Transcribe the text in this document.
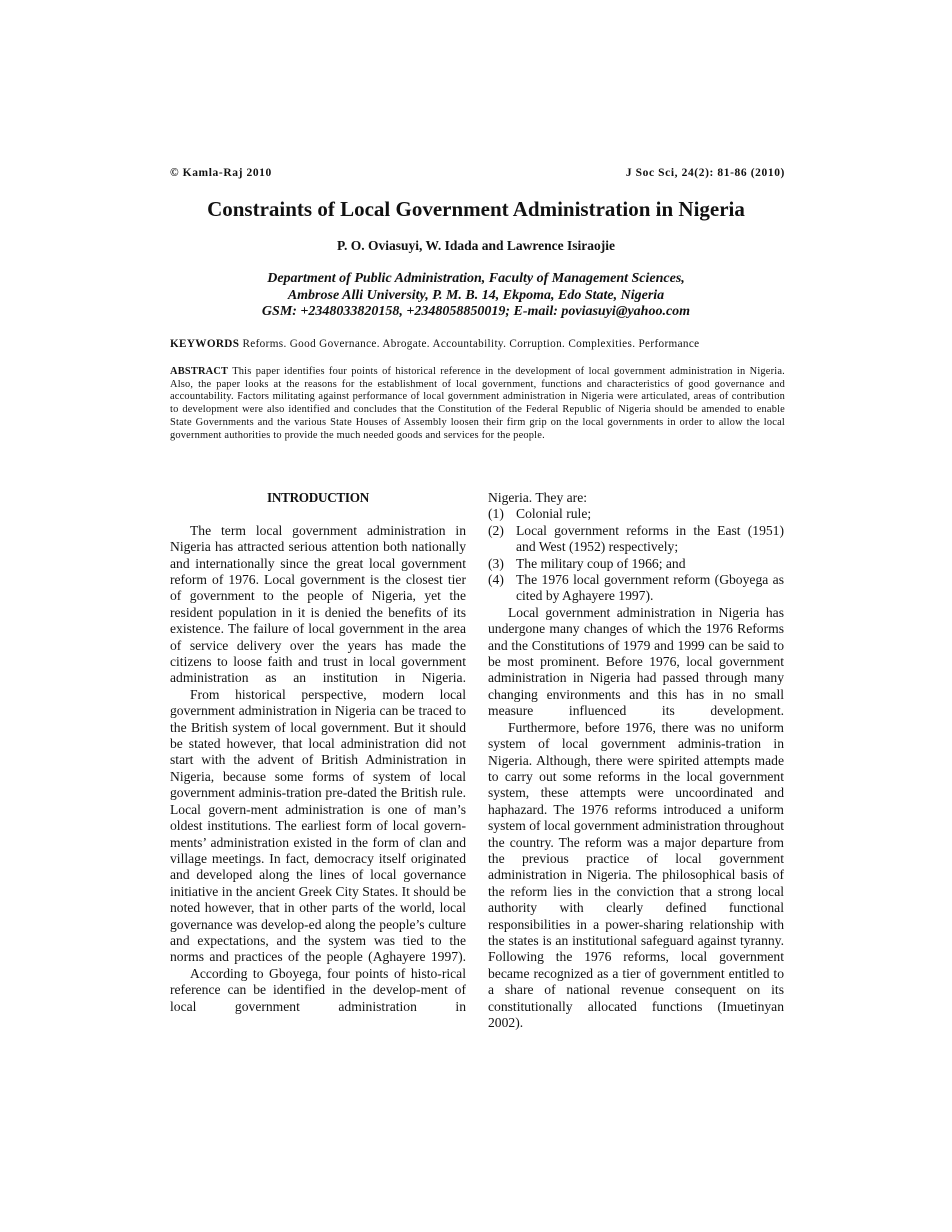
© Kamla-Raj 2010	J Soc Sci, 24(2): 81-86 (2010)
Constraints of Local Government Administration in Nigeria
P. O. Oviasuyi, W. Idada and Lawrence Isiraojie
Department of Public Administration, Faculty of Management Sciences,
Ambrose Alli University, P. M. B. 14, Ekpoma, Edo State, Nigeria
GSM: +2348033820158, +2348058850019; E-mail: poviasuyi@yahoo.com
KEYWORDS Reforms. Good Governance. Abrogate. Accountability. Corruption. Complexities. Performance
ABSTRACT This paper identifies four points of historical reference in the development of local government administration in Nigeria. Also, the paper looks at the reasons for the establishment of local government, functions and characteristics of good governance and accountability. Factors militating against performance of local government administration in Nigeria were articulated, areas of contribution to development were also identified and concludes that the Constitution of the Federal Republic of Nigeria should be amended to enable State Governments and the various State Houses of Assembly loosen their firm grip on the local governments in order to allow the local government authorities to provide the much needed goods and services for the people.
INTRODUCTION

The term local government administration in Nigeria has attracted serious attention both nationally and internationally since the great local government reform of 1976. Local government is the closest tier of government to the people of Nigeria, yet the resident population in it is denied the benefits of its existence. The failure of local government in the area of service delivery over the years has made the citizens to loose faith and trust in local government administration as an institution in Nigeria.

From historical perspective, modern local government administration in Nigeria can be traced to the British system of local government. But it should be stated however, that local administration did not start with the advent of British Administration in Nigeria, because some forms of system of local government adminis-tration pre-dated the British rule. Local govern-ment administration is one of man’s oldest institutions. The earliest form of local govern-ments’ administration existed in the form of clan and village meetings. In fact, democracy itself originated and developed along the lines of local governance initiative in the ancient Greek City States. It should be noted however, that in other parts of the world, local governance was develop-ed along the people’s culture and expectations, and the system was tied to the norms and practices of the people (Aghayere 1997).

According to Gboyega, four points of histo-rical reference can be identified in the develop-ment of local government administration in

Nigeria. They are:

(1) Colonial rule;
(2) Local government reforms in the East (1951) and West (1952) respectively;
(3) The military coup of 1966; and
(4) The 1976 local government reform (Gboyega as cited by Aghayere 1997).

Local government administration in Nigeria has undergone many changes of which the 1976 Reforms and the Constitutions of 1979 and 1999 can be said to be most prominent. Before 1976, local government administration in Nigeria had passed through many changing environments and this has in no small measure influenced its development.

Furthermore, before 1976, there was no uniform system of local government adminis-tration in Nigeria. Although, there were spirited attempts made to carry out some reforms in the local government system, these attempts were uncoordinated and haphazard. The 1976 reforms introduced a uniform system of local government administration throughout the country. The reform was a major departure from the previous practice of local government administration in Nigeria. The philosophical basis of the reform lies in the conviction that a strong local authority with clearly defined functional responsibilities in a power-sharing relationship with the states is an institutional safeguard against tyranny. Following the 1976 reforms, local government became recognized as a tier of government entitled to a share of national revenue consequent on its constitutionally allocated functions (Imuetinyan 2002).
